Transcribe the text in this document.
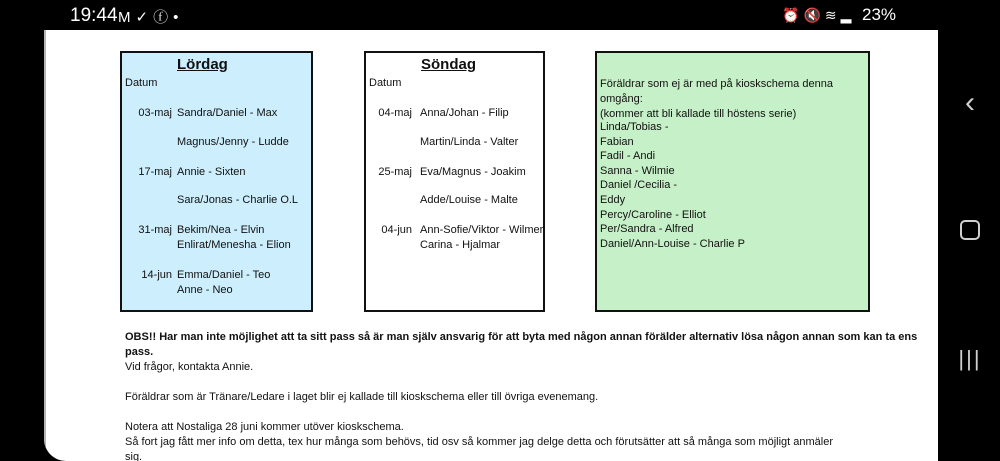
19:44 M✓ⓕ•	⏰🔇≋▂ 23%
‹
|||
Lördag
Datum
03-maj Sandra/Daniel - Max
Magnus/Jenny - Ludde
17-maj Annie - Sixten
Sara/Jonas - Charlie O.L
31-maj Bekim/Nea - Elvin
Enlirat/Menesha - Elion
14-jun Emma/Daniel - Teo
Anne - Neo
Söndag
Datum
04-maj Anna/Johan - Filip
Martin/Linda - Valter
25-maj Eva/Magnus - Joakim
Adde/Louise - Malte
04-jun Ann-Sofie/Viktor - Wilmer
Carina - Hjalmar
Föräldrar som ej är med på kioskschema denna omgång:
(kommer att bli kallade till höstens serie)
Linda/Tobias -
Fabian
Fadil - Andi
Sanna - Wilmie
Daniel /Cecilia -
Eddy
Percy/Caroline - Elliot
Per/Sandra - Alfred
Daniel/Ann-Louise - Charlie P

OBS!! Har man inte möjlighet att ta sitt pass så är man själv ansvarig för att byta med någon annan förälder alternativ lösa någon annan som kan ta ens pass.

Vid frågor, kontakta Annie.

Föräldrar som är Tränare/Ledare i laget blir ej kallade till kioskschema eller till övriga evenemang.

Notera att Nostaliga 28 juni kommer utöver kioskschema.

Så fort jag fått mer info om detta, tex hur många som behövs, tid osv så kommer jag delge detta och förutsätter att så många som möjligt anmäler

sig.
